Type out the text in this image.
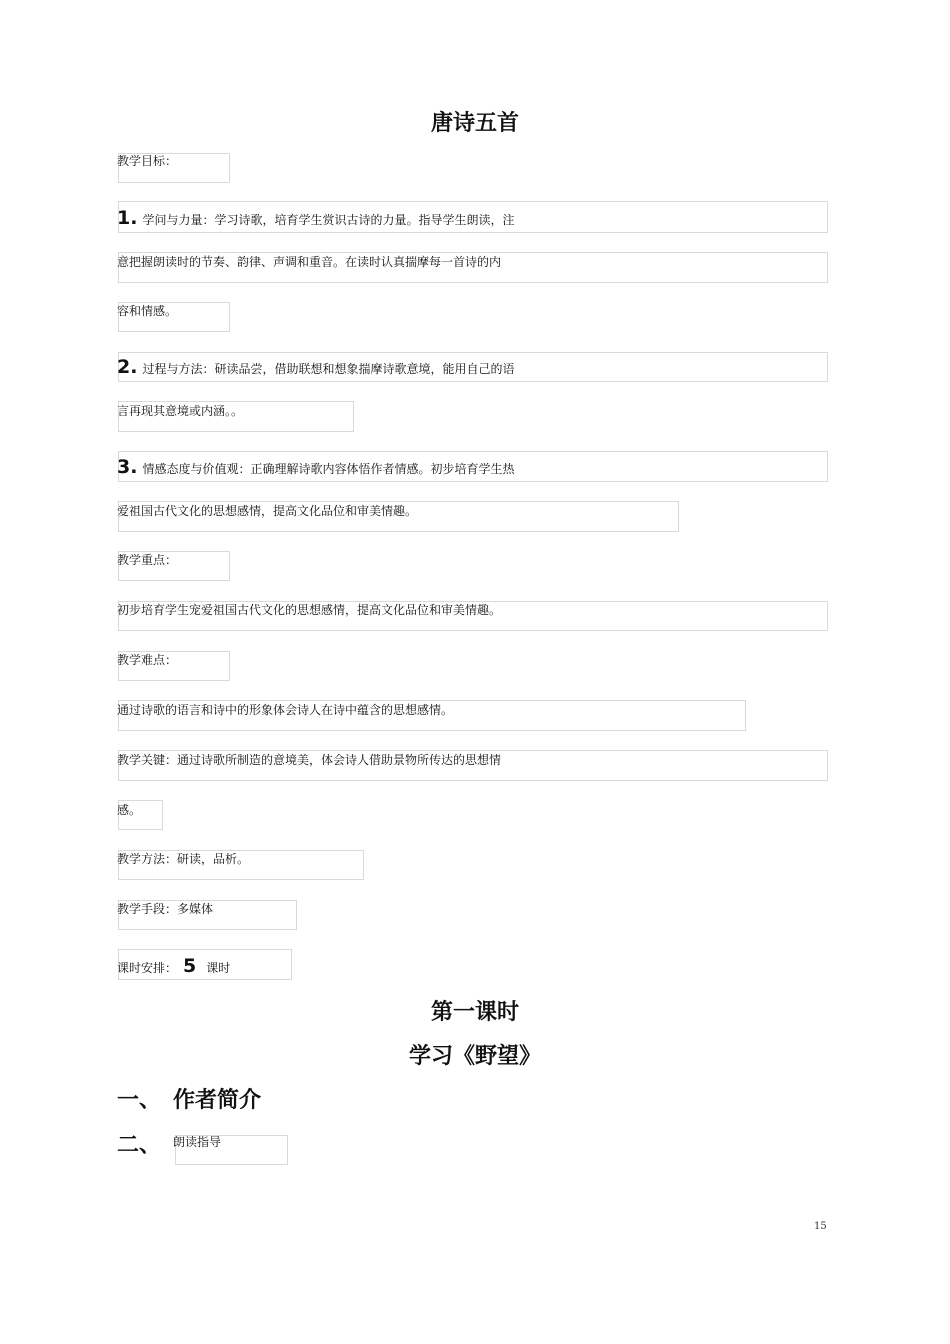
唐诗五首
教学目标：
1. 学问与力量：学习诗歌，培育学生赏识古诗的力量。指导学生朗读，注
意把握朗读时的节奏、韵律、声调和重音。在读时认真揣摩每一首诗的内
容和情感。
2. 过程与方法：研读品尝，借助联想和想象揣摩诗歌意境，能用自己的语
言再现其意境或内涵。。
3. 情感态度与价值观：正确理解诗歌内容体悟作者情感。初步培育学生热
爱祖国古代文化的思想感情，提高文化品位和审美情趣。
教学重点：
初步培育学生宠爱祖国古代文化的思想感情，提高文化品位和审美情趣。
教学难点：
通过诗歌的语言和诗中的形象体会诗人在诗中蕴含的思想感情。
教学关键：通过诗歌所制造的意境美，体会诗人借助景物所传达的思想情
感。
教学方法：研读，品析。
教学手段：多媒体
课时安排： 5 课时
第一课时
学习《野望》
一、 作者简介
二、 $^{朗读指导}$
15
